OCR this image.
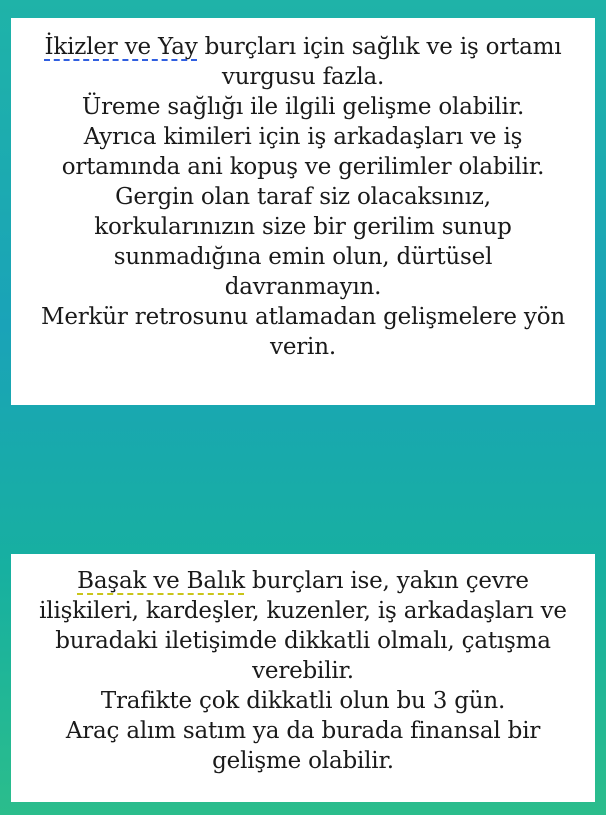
İkizler ve Yay burçları için sağlık ve iş ortamı
vurgusu fazla.
Üreme sağlığı ile ilgili gelişme olabilir.
Ayrıca kimileri için iş arkadaşları ve iş
ortamında ani kopuş ve gerilimler olabilir.
Gergin olan taraf siz olacaksınız,
korkularınızın size bir gerilim sunup
sunmadığına emin olun, dürtüsel
davranmayın.
Merkür retrosunu atlamadan gelişmelere yön
verin.
Başak ve Balık burçları ise, yakın çevre
ilişkileri, kardeşler, kuzenler, iş arkadaşları ve
buradaki iletişimde dikkatli olmalı, çatışma
verebilir.
Trafikte çok dikkatli olun bu 3 gün.
Araç alım satım ya da burada finansal bir
gelişme olabilir.
